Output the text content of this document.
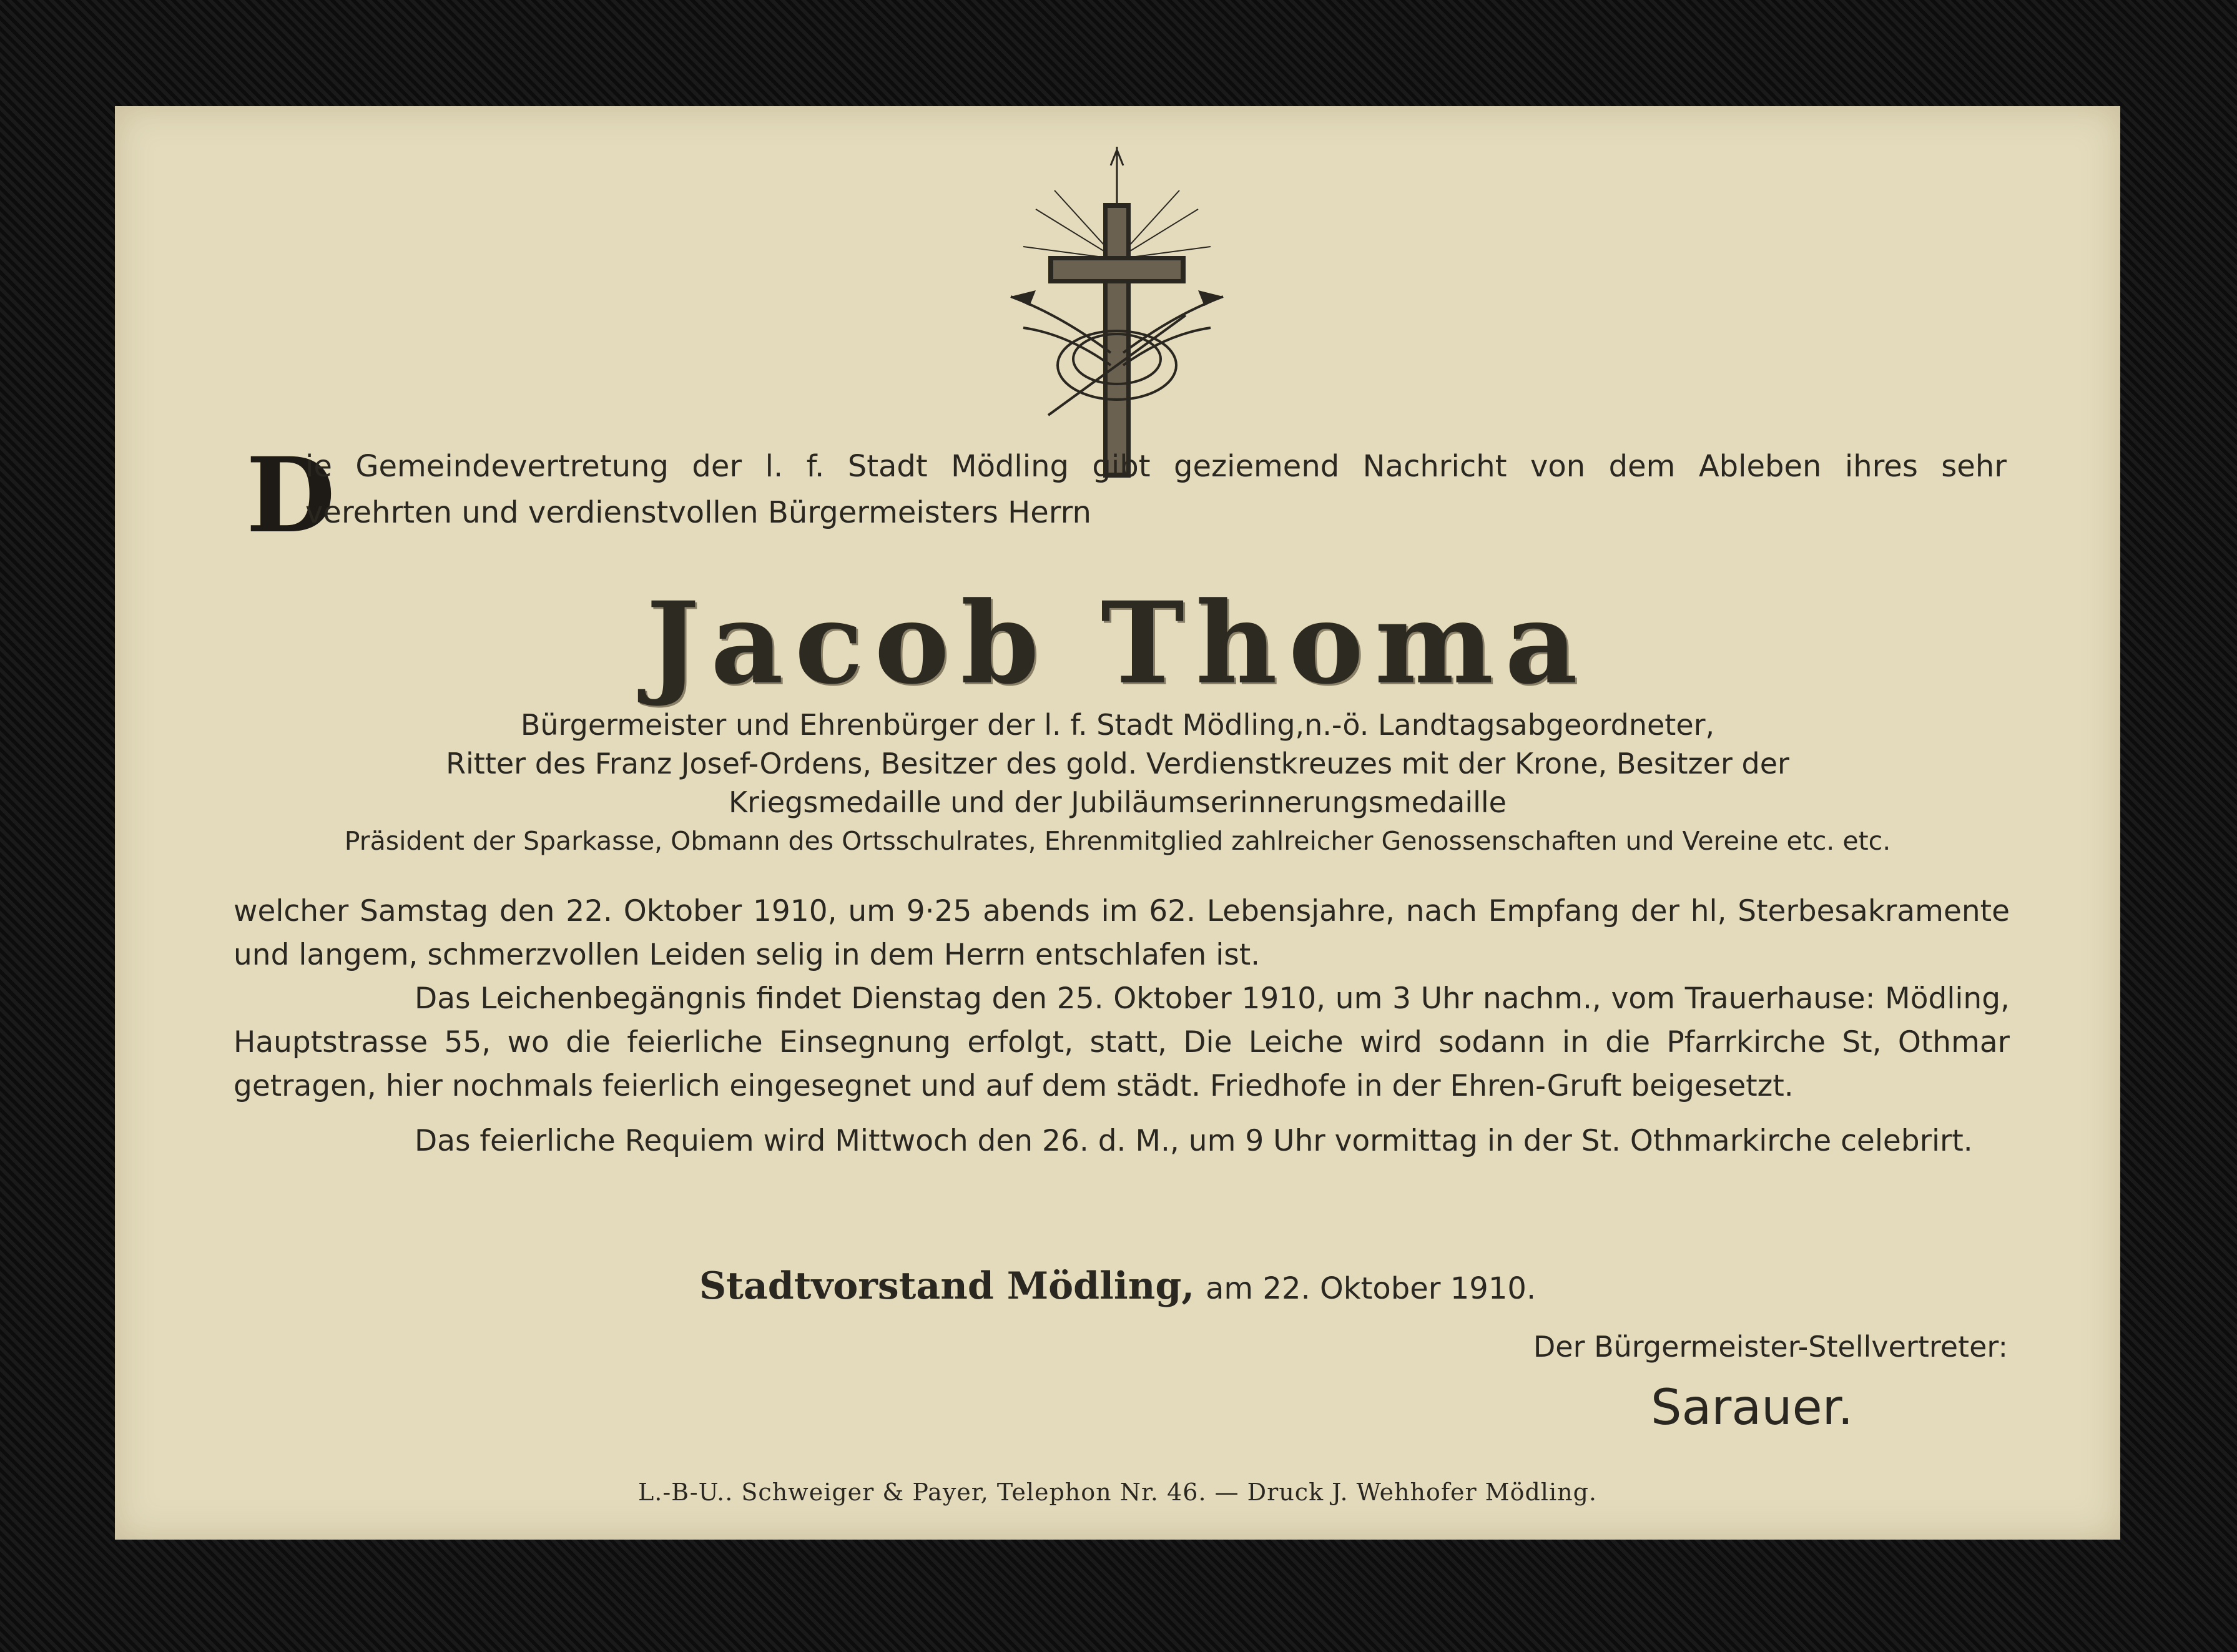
D
ie Gemeindevertretung der l. f. Stadt Mödling gibt geziemend Nachricht von dem Ableben ihres sehr
verehrten und verdienstvollen Bürgermeisters Herrn
Jacob Thoma
Bürgermeister und Ehrenbürger der l. f. Stadt Mödling,n.-ö. Landtagsabgeordneter,
Ritter des Franz Josef-Ordens, Besitzer des gold. Verdienstkreuzes mit der Krone, Besitzer der
Kriegsmedaille und der Jubiläumserinnerungsmedaille
Präsident der Sparkasse, Obmann des Ortsschulrates, Ehrenmitglied zahlreicher Genossenschaften und Vereine etc. etc.

welcher Samstag den 22. Oktober 1910, um 9·25 abends im 62. Lebensjahre, nach Empfang der hl, Sterbesakramente und langem, schmerzvollen Leiden selig in dem Herrn entschlafen ist.

Das Leichenbegängnis findet Dienstag den 25. Oktober 1910, um 3 Uhr nachm., vom Trauerhause: Mödling, Hauptstrasse 55, wo die feierliche Einsegnung erfolgt, statt, Die Leiche wird sodann in die Pfarrkirche St, Othmar getragen, hier nochmals feierlich eingesegnet und auf dem städt. Friedhofe in der Ehren-Gruft beigesetzt.

Das feierliche Requiem wird Mittwoch den 26. d. M., um 9 Uhr vormittag in der St. Othmarkirche celebrirt.

Stadtvorstand Mödling, am 22. Oktober 1910.
Der Bürgermeister-Stellvertreter:
Sarauer.
L.-B-U.. Schweiger & Payer, Telephon Nr. 46. — Druck J. Wehhofer Mödling.
